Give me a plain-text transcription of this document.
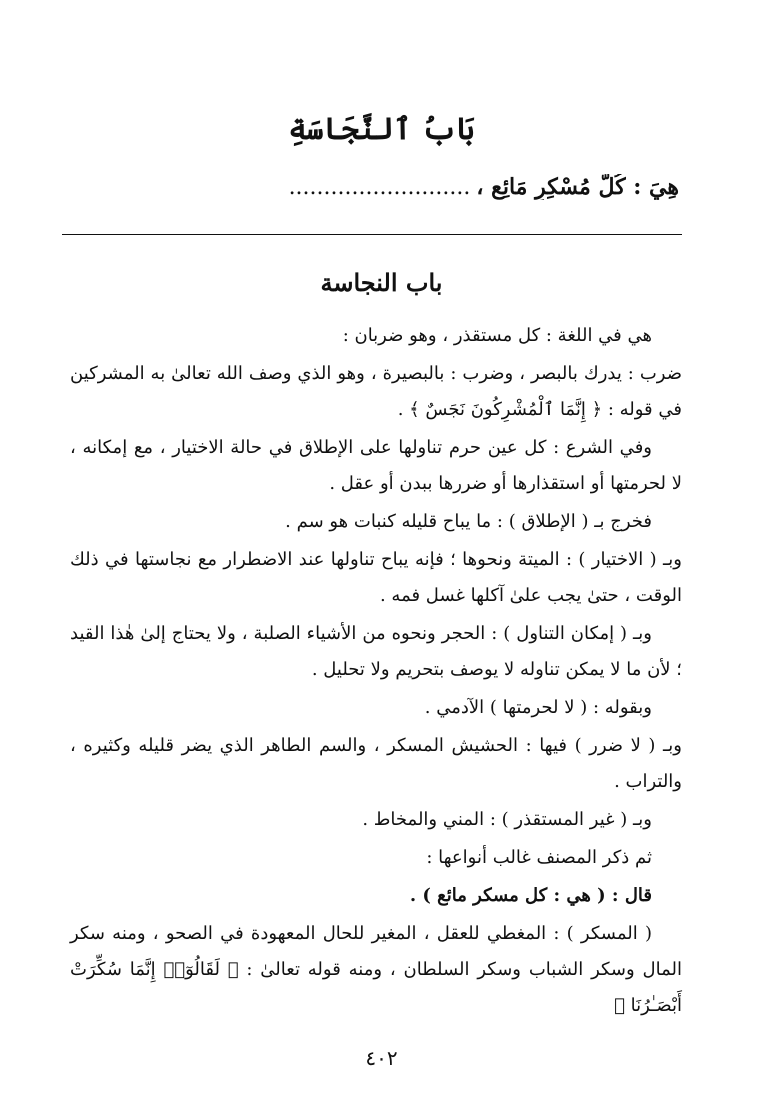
بَابُ ٱلنَّجَاسَةِ
هِيَ : كُلُّ مُسْكِرٍ مَائِعٍ ،..........................
باب النجاسة

هي في اللغة : كل مستقذر ، وهو ضربان :

ضرب : يدرك بالبصر ، وضرب : بالبصيرة ، وهو الذي وصف الله تعالىٰ به المشركين في قوله : ﴿ إِنَّمَا ٱلْمُشْرِكُونَ نَجَسٌ ﴾ .

وفي الشرع : كل عين حرم تناولها على الإطلاق في حالة الاختيار ، مع إمكانه ، لا لحرمتها أو استقذارها أو ضررها ببدن أو عقل .

فخرج بـ ( الإطلاق ) : ما يباح قليله كنبات هو سم .

وبـ ( الاختيار ) : الميتة ونحوها ؛ فإنه يباح تناولها عند الاضطرار مع نجاستها في ذلك الوقت ، حتىٰ يجب علىٰ آكلها غسل فمه .

وبـ ( إمكان التناول ) : الحجر ونحوه من الأشياء الصلبة ، ولا يحتاج إلىٰ هٰذا القيد ؛ لأن ما لا يمكن تناوله لا يوصف بتحريم ولا تحليل .

وبقوله : ( لا لحرمتها ) الآدمي .

وبـ ( لا ضرر ) فيها : الحشيش المسكر ، والسم الطاهر الذي يضر قليله وكثيره ، والتراب .

وبـ ( غير المستقذر ) : المني والمخاط .

ثم ذكر المصنف غالب أنواعها :

قال : ( هي : كل مسكر مائع ) .

( المسكر ) : المغطي للعقل ، المغير للحال المعهودة في الصحو ، ومنه سكر المال وسكر الشباب وسكر السلطان ، ومنه قوله تعالىٰ : ﴿ لَقَالُوٓا۟ إِنَّمَا سُكِّرَتْ أَبْصَـٰرُنَا ﴾

٤٠٢
